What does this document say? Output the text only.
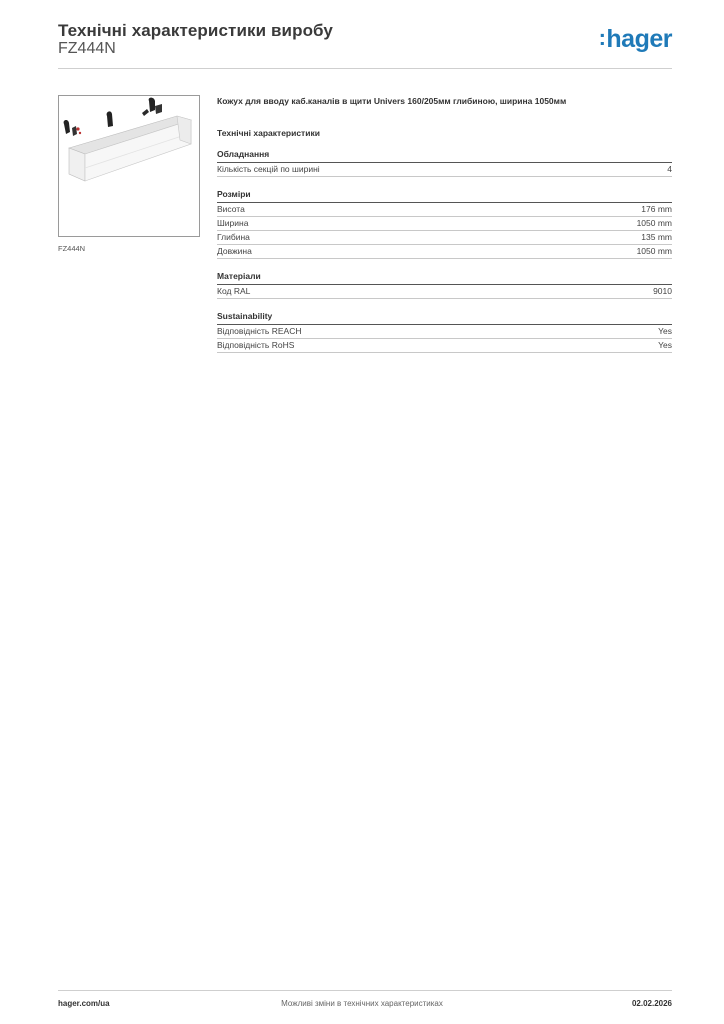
Технічні характеристики виробу
FZ444N	:hager
FZ444N
Кожух для вводу каб.каналів в щити Univers 160/205мм глибиною, ширина 1050мм
Технічні характеристики
Обладнання
Кількість секцій по ширині	4
Розміри
Висота	176 mm
Ширина	1050 mm
Глибина	135 mm
Довжина	1050 mm
Матеріали
Код RAL	9010
Sustainability
Відповідність REACH	Yes
Відповідність RoHS	Yes
hager.com/ua	Можливі зміни в технічних характеристиках	02.02.2026
